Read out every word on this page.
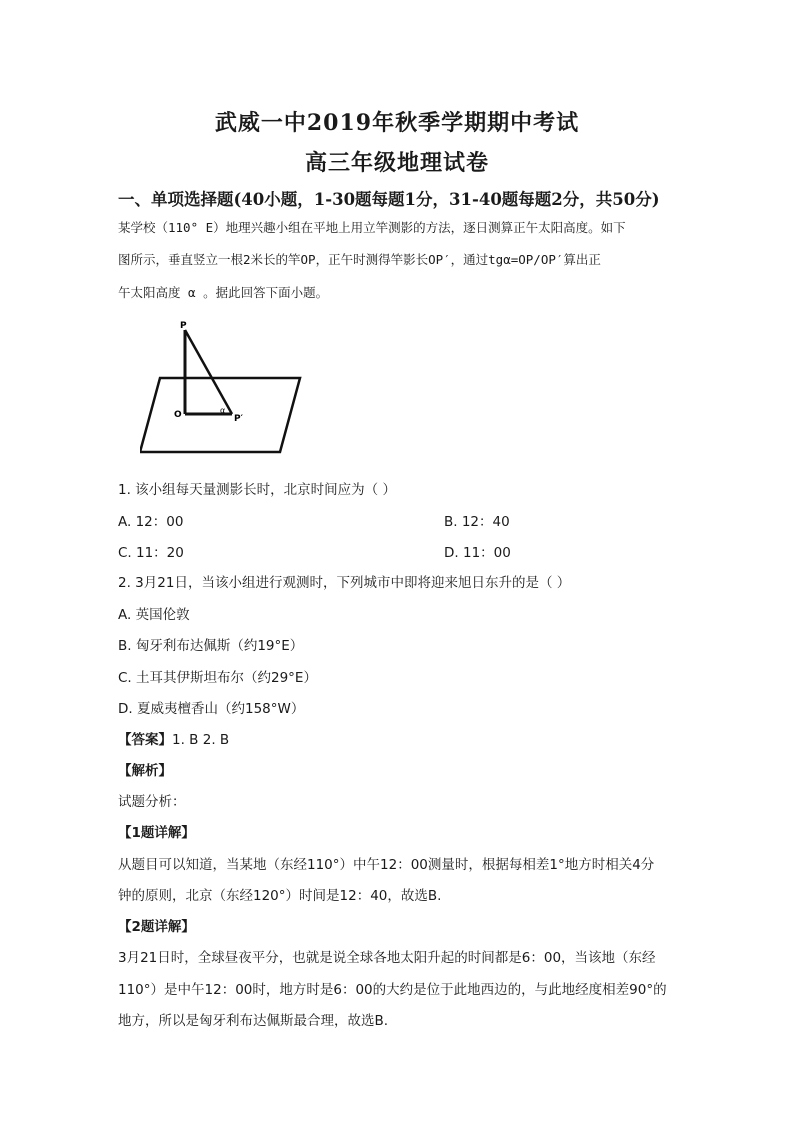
武威一中2019年秋季学期期中考试
高三年级地理试卷
一、单项选择题(40小题，1-30题每题1分，31-40题每题2分，共50分)
某学校（110° E）地理兴趣小组在平地上用立竿测影的方法，逐日测算正午太阳高度。如下
图所示，垂直竖立一根2米长的竿OP，正午时测得竿影长OP′，通过tgα=OP/OP′算出正
午太阳高度 α 。据此回答下面小题。
P
O	P′
α
1. 该小组每天量测影长时，北京时间应为（ ）
A. 12：00	B. 12：40
C. 11：20	D. 11：00
2. 3月21日，当该小组进行观测时，下列城市中即将迎来旭日东升的是（ ）
A. 英国伦敦
B. 匈牙利布达佩斯（约19°E）
C. 土耳其伊斯坦布尔（约29°E）
D. 夏威夷檀香山（约158°W）
【答案】1. B 2. B
【解析】
试题分析：
【1题详解】
从题目可以知道，当某地（东经110°）中午12：00测量时，根据每相差1°地方时相关4分
钟的原则，北京（东经120°）时间是12：40，故选B.
【2题详解】
3月21日时，全球昼夜平分，也就是说全球各地太阳升起的时间都是6：00，当该地（东经
110°）是中午12：00时，地方时是6：00的大约是位于此地西边的，与此地经度相差90°的
地方，所以是匈牙利布达佩斯最合理，故选B.
